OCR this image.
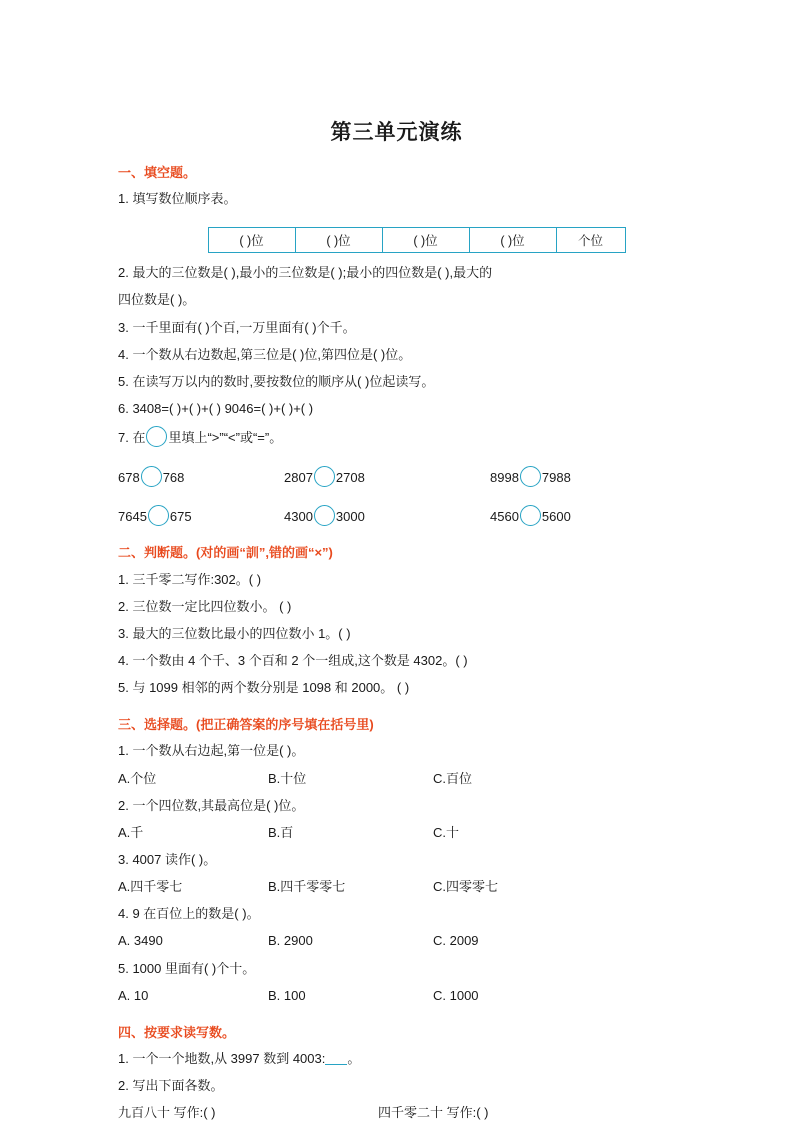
第三单元演练
一、填空题。
1. 填写数位顺序表。
( )位	( )位	( )位	( )位	个位
2. 最大的三位数是( ),最小的三位数是( );最小的四位数是( ),最大的
四位数是( )。
3. 一千里面有( )个百,一万里面有( )个千。
4. 一个数从右边数起,第三位是( )位,第四位是( )位。
5. 在读写万以内的数时,要按数位的顺序从( )位起读写。
6. 3408=( )+( )+( ) 9046=( )+( )+( )
7. 在 里填上“>”“<”或“=”。
678 768	2807 2708	8998 7988
7645 675	4300 3000	4560 5600
二、判断题。(对的画“訓”,错的画“×”)
1. 三千零二写作:302。( )
2. 三位数一定比四位数小。 ( )
3. 最大的三位数比最小的四位数小 1。( )
4. 一个数由 4 个千、3 个百和 2 个一组成,这个数是 4302。( )
5. 与 1099 相邻的两个数分别是 1098 和 2000。 ( )
三、选择题。(把正确答案的序号填在括号里)
1. 一个数从右边起,第一位是( )。
A.个位	B.十位	C.百位
2. 一个四位数,其最高位是( )位。
A.千	B.百	C.十
3. 4007 读作( )。
A.四千零七	B.四千零零七	C.四零零七
4. 9 在百位上的数是( )。
A. 3490	B. 2900	C. 2009
5. 1000 里面有( )个十。
A. 10	B. 100	C. 1000
四、按要求读写数。
1. 一个一个地数,从 3997 数到 4003: 。
2. 写出下面各数。
九百八十 写作:( )	四千零二十 写作:( )
